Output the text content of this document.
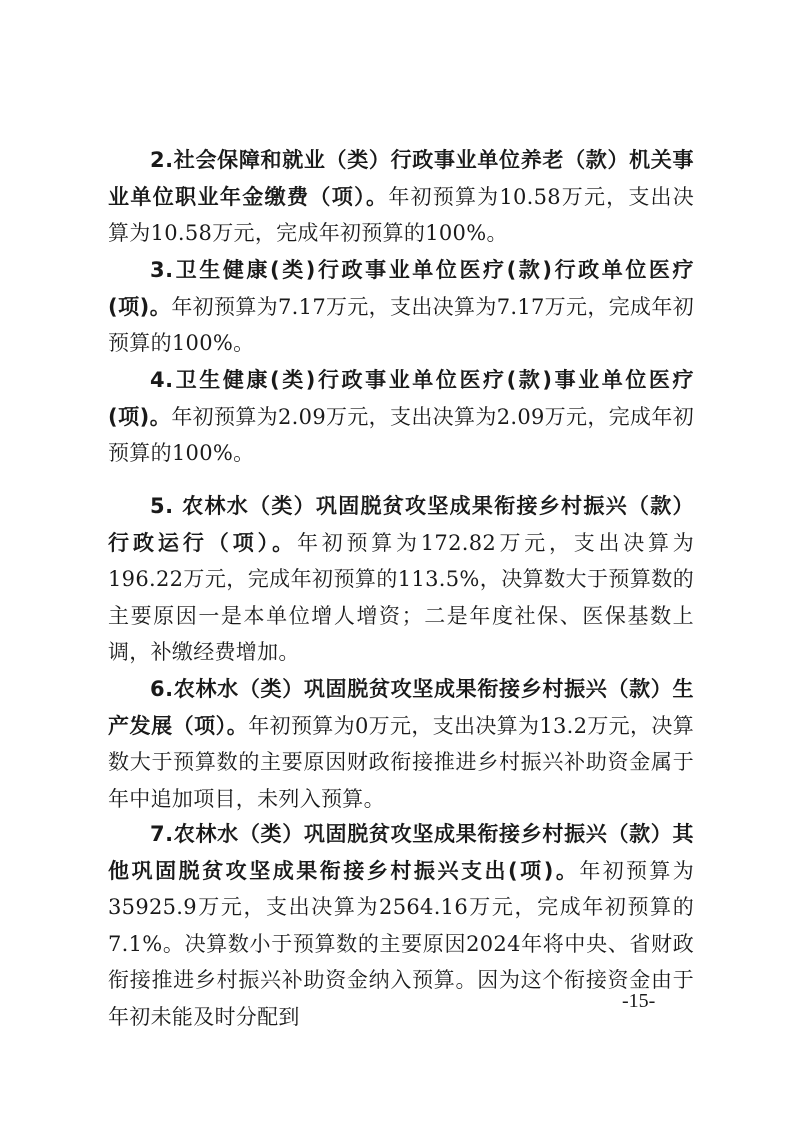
2.社会保障和就业（类）行政事业单位养老（款）机关事业单位职业年金缴费（项）。年初预算为10.58万元，支出决算为10.58万元，完成年初预算的100%。

3.卫生健康(类)行政事业单位医疗(款)行政单位医疗(项)。年初预算为7.17万元，支出决算为7.17万元，完成年初预算的100%。

4.卫生健康(类)行政事业单位医疗(款)事业单位医疗(项)。年初预算为2.09万元，支出决算为2.09万元，完成年初预算的100%。

5. 农林水（类）巩固脱贫攻坚成果衔接乡村振兴（款）行政运行（项）。年初预算为172.82万元，支出决算为196.22万元，完成年初预算的113.5%，决算数大于预算数的主要原因一是本单位增人增资；二是年度社保、医保基数上调，补缴经费增加。

6.农林水（类）巩固脱贫攻坚成果衔接乡村振兴（款）生产发展（项）。年初预算为0万元，支出决算为13.2万元，决算数大于预算数的主要原因财政衔接推进乡村振兴补助资金属于年中追加项目，未列入预算。

7.农林水（类）巩固脱贫攻坚成果衔接乡村振兴（款）其他巩固脱贫攻坚成果衔接乡村振兴支出(项)。年初预算为35925.9万元，支出决算为2564.16万元，完成年初预算的7.1%。决算数小于预算数的主要原因2024年将中央、省财政衔接推进乡村振兴补助资金纳入预算。因为这个衔接资金由于年初未能及时分配到

-15-
